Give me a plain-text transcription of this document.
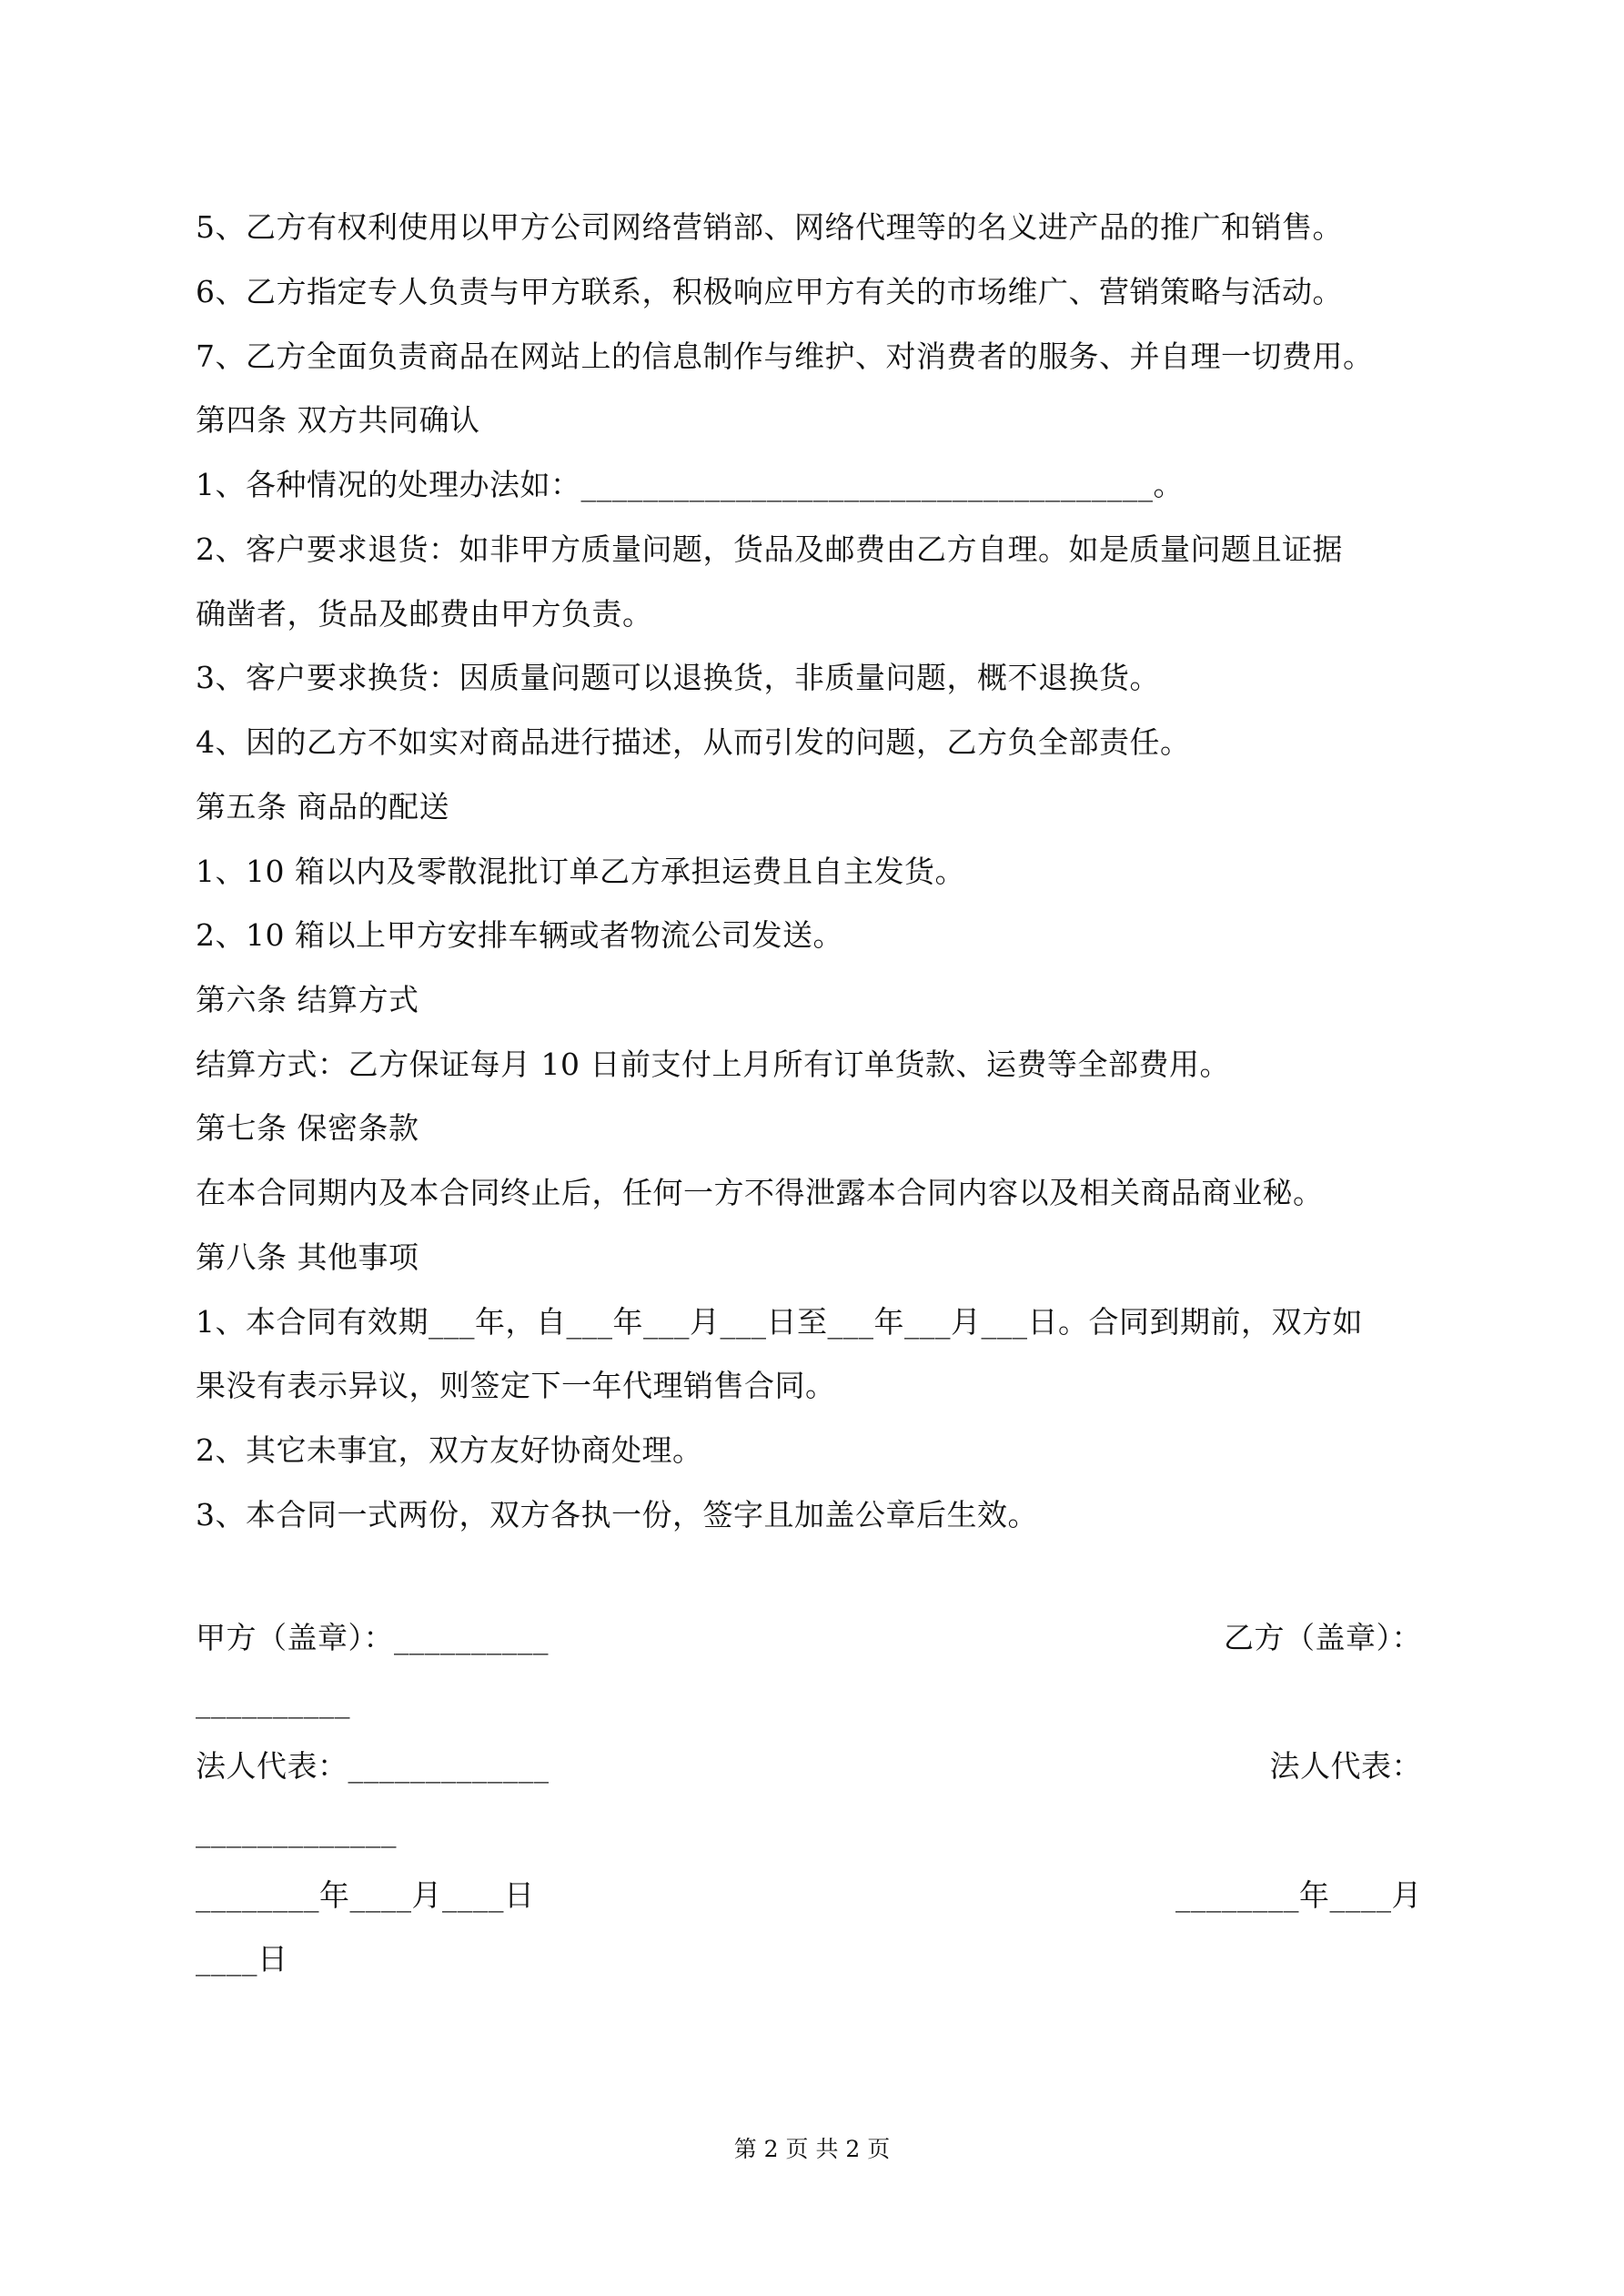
5、乙方有权利使用以甲方公司网络营销部、网络代理等的名义进产品的推广和销售。
6、乙方指定专人负责与甲方联系，积极响应甲方有关的市场维广、营销策略与活动。
7、乙方全面负责商品在网站上的信息制作与维护、对消费者的服务、并自理一切费用。
第四条 双方共同确认
1、各种情况的处理办法如：_____________________________________。
2、客户要求退货：如非甲方质量问题，货品及邮费由乙方自理。如是质量问题且证据
确凿者，货品及邮费由甲方负责。
3、客户要求换货：因质量问题可以退换货，非质量问题，概不退换货。
4、因的乙方不如实对商品进行描述，从而引发的问题，乙方负全部责任。
第五条 商品的配送
1、10 箱以内及零散混批订单乙方承担运费且自主发货。
2、10 箱以上甲方安排车辆或者物流公司发送。
第六条 结算方式
结算方式：乙方保证每月 10 日前支付上月所有订单货款、运费等全部费用。
第七条 保密条款
在本合同期内及本合同终止后，任何一方不得泄露本合同内容以及相关商品商业秘。
第八条 其他事项
1、本合同有效期___年，自___年___月___日至___年___月___日。合同到期前，双方如
果没有表示异议，则签定下一年代理销售合同。
2、其它未事宜，双方友好协商处理。
3、本合同一式两份，双方各执一份，签字且加盖公章后生效。
甲方（盖章）：__________	乙方（盖章）：
__________
法人代表：_____________	法人代表：
_____________
________年____月____日	________年____月
____日
第 2 页 共 2 页
